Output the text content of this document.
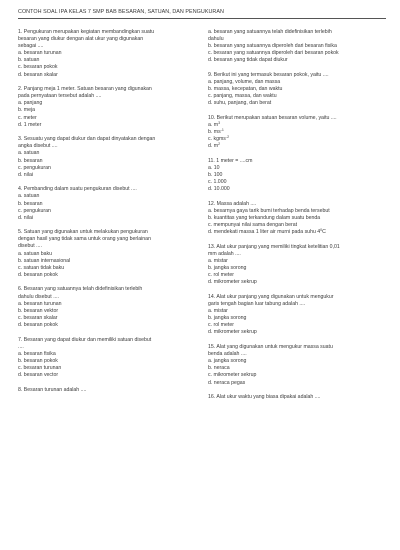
CONTOH SOAL IPA KELAS 7 SMP BAB BESARAN, SATUAN, DAN PENGUKURAN
1. Pengukuran merupakan kegiatan membandingkan suatu
besaran yang diukur dengan alat ukur yang digunakan
sebagai ....
a. besaran turunan
b. satuan
c. besaran pokok
d. besaran skalar
2. Panjang meja 1 meter. Satuan besaran yang digunakan
pada pernyataan tersebut adalah ....
a. panjang
b. meja
c. meter
d. 1 meter
3. Sesuatu yang dapat diukur dan dapat dinyatakan dengan
angka disebut ....
a. satuan
b. besaran
c. pengukuran
d. nilai
4. Pembanding dalam suatu pengukuran disebut ....
a. satuan
b. besaran
c. pengukuran
d. nilai
5. Satuan yang digunakan untuk melakukan pengukuran
dengan hasil yang tidak sama untuk orang yang berlainan
disebut ....
a. satuan baku
b. satuan internasional
c. satuan tidak baku
d. besaran pokok
6. Besaran yang satuannya telah didefinisikan terlebih
dahulu disebut ....
a. besaran turunan
b. besaran vektor
c. besaran skalar
d. besaran pokok
7. Besaran yang dapat diukur dan memiliki satuan disebut
....
a. besaran fisika
b. besaran pokok
c. besaran turunan
d. besaran vector
8. Besaran turunan adalah ....
a. besaran yang satuannya telah didefinisikan terlebih
dahulu
b. besaran yang satuannya diperoleh dari besaran fisika
c. besaran yang satuannya diperoleh dari besaran pokok
d. besaran yang tidak dapat diukur
9. Berikut ini yang termasuk besaran pokok, yaitu ....
a. panjang, volume, dan massa
b. massa, kecepatan, dan waktu
c. panjang, massa, dan waktu
d. suhu, panjang, dan berat
10. Berikut merupakan satuan besaran volume, yaitu ....
a. $m^3$
b. $ms^{-1}$
c. kgms$^{-2}$
d. $m^2$
11. 1 meter = ....cm
a. 10
b. 100
c. 1.000
d. 10.000
12. Massa adalah ....
a. besarnya gaya tarik bumi terhadap benda tersebut
b. kuantitas yang terkandung dalam suatu benda
c. mempunyai nilai sama dengan berat
d. mendekati massa 1 liter air murni pada suhu $4^0C$
13. Alat ukur panjang yang memiliki tingkat ketelitian 0,01
mm adalah ....
a. mistar
b. jangka sorong
c. rol meter
d. mikrometer sekrup
14. Alat ukur panjang yang digunakan untuk mengukur
garis tengah bagian luar tabung adalah ....
a. mistar
b. jangka sorong
c. rol meter
d. mikrometer sekrup
15. Alat yang digunakan untuk mengukur massa suatu
benda adalah ....
a. jangka sorong
b. neraca
c. mikrometer sekrup
d. neraca pegas
16. Alat ukur waktu yang biasa dipakai adalah ....
